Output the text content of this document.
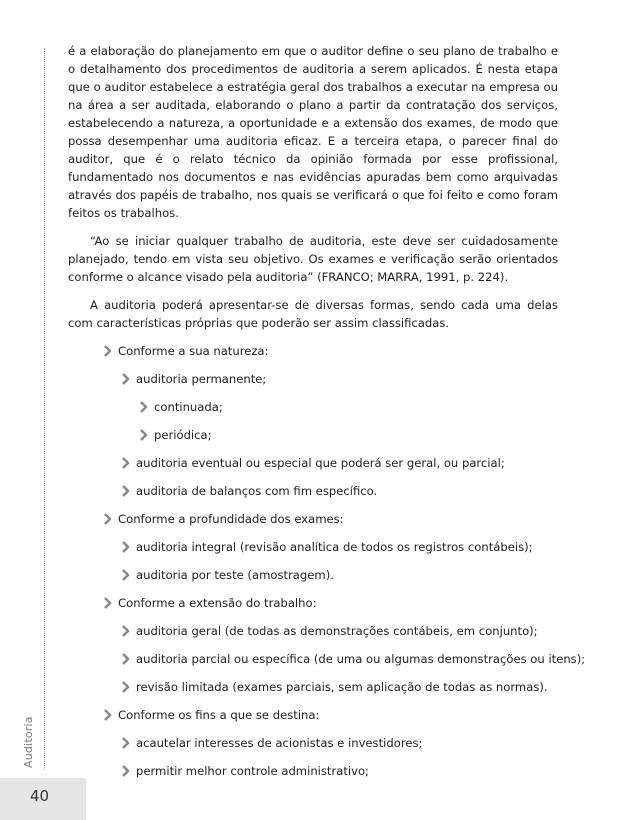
Auditoria
40

é a elaboração do planejamento em que o auditor define o seu plano de trabalho e o detalhamento dos procedimentos de auditoria a serem aplicados. É nesta etapa que o auditor estabelece a estratégia geral dos trabalhos a executar na empresa ou na área a ser auditada, elaborando o plano a partir da contratação dos serviços, estabelecendo a natureza, a oportunidade e a extensão dos exames, de modo que possa desempenhar uma auditoria eficaz. E a terceira etapa, o parecer final do auditor, que é o relato técnico da opinião formada por esse profissional, fundamentado nos documentos e nas evidências apuradas bem como arquivadas através dos papéis de trabalho, nos quais se verificará o que foi feito e como foram feitos os trabalhos.

“Ao se iniciar qualquer trabalho de auditoria, este deve ser cuidadosamente planejado, tendo em vista seu objetivo. Os exames e verificação serão orientados conforme o alcance visado pela auditoria” (FRANCO; MARRA, 1991, p. 224).

A auditoria poderá apresentar-se de diversas formas, sendo cada uma delas com características próprias que poderão ser assim classificadas.

Conforme a sua natureza:
auditoria permanente;
continuada;
periódica;
auditoria eventual ou especial que poderá ser geral, ou parcial;
auditoria de balanços com fim específico.
Conforme a profundidade dos exames:
auditoria integral (revisão analítica de todos os registros contábeis);
auditoria por teste (amostragem).
Conforme a extensão do trabalho:
auditoria geral (de todas as demonstrações contábeis, em conjunto);
auditoria parcial ou específica (de uma ou algumas demonstrações ou itens);
revisão limitada (exames parciais, sem aplicação de todas as normas).
Conforme os fins a que se destina:
acautelar interesses de acionistas e investidores;
permitir melhor controle administrativo;
